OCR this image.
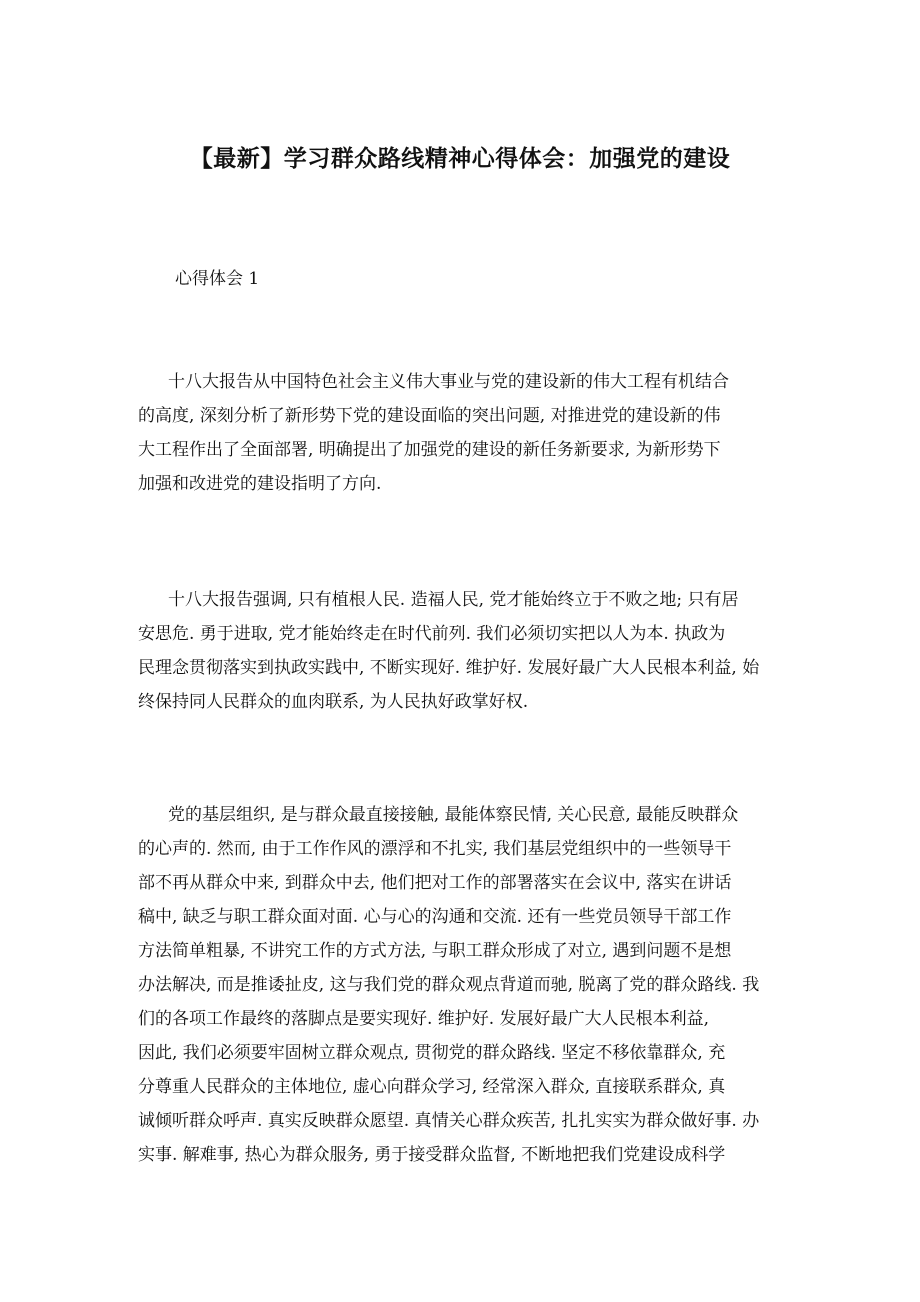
【最新】学习群众路线精神心得体会：加强党的建设
心得体会 1

十八大报告从中国特色社会主义伟大事业与党的建设新的伟大工程有机结合
的高度, 深刻分析了新形势下党的建设面临的突出问题, 对推进党的建设新的伟
大工程作出了全面部署, 明确提出了加强党的建设的新任务新要求, 为新形势下
加强和改进党的建设指明了方向.

十八大报告强调, 只有植根人民. 造福人民, 党才能始终立于不败之地; 只有居
安思危. 勇于进取, 党才能始终走在时代前列. 我们必须切实把以人为本. 执政为
民理念贯彻落实到执政实践中, 不断实现好. 维护好. 发展好最广大人民根本利益, 始
终保持同人民群众的血肉联系, 为人民执好政掌好权.

党的基层组织, 是与群众最直接接触, 最能体察民情, 关心民意, 最能反映群众
的心声的. 然而, 由于工作作风的漂浮和不扎实, 我们基层党组织中的一些领导干
部不再从群众中来, 到群众中去, 他们把对工作的部署落实在会议中, 落实在讲话
稿中, 缺乏与职工群众面对面. 心与心的沟通和交流. 还有一些党员领导干部工作
方法简单粗暴, 不讲究工作的方式方法, 与职工群众形成了对立, 遇到问题不是想
办法解决, 而是推诿扯皮, 这与我们党的群众观点背道而驰, 脱离了党的群众路线. 我
们的各项工作最终的落脚点是要实现好. 维护好. 发展好最广大人民根本利益,
因此, 我们必须要牢固树立群众观点, 贯彻党的群众路线. 坚定不移依靠群众, 充
分尊重人民群众的主体地位, 虚心向群众学习, 经常深入群众, 直接联系群众, 真
诚倾听群众呼声. 真实反映群众愿望. 真情关心群众疾苦, 扎扎实实为群众做好事. 办
实事. 解难事, 热心为群众服务, 勇于接受群众监督, 不断地把我们党建设成科学
